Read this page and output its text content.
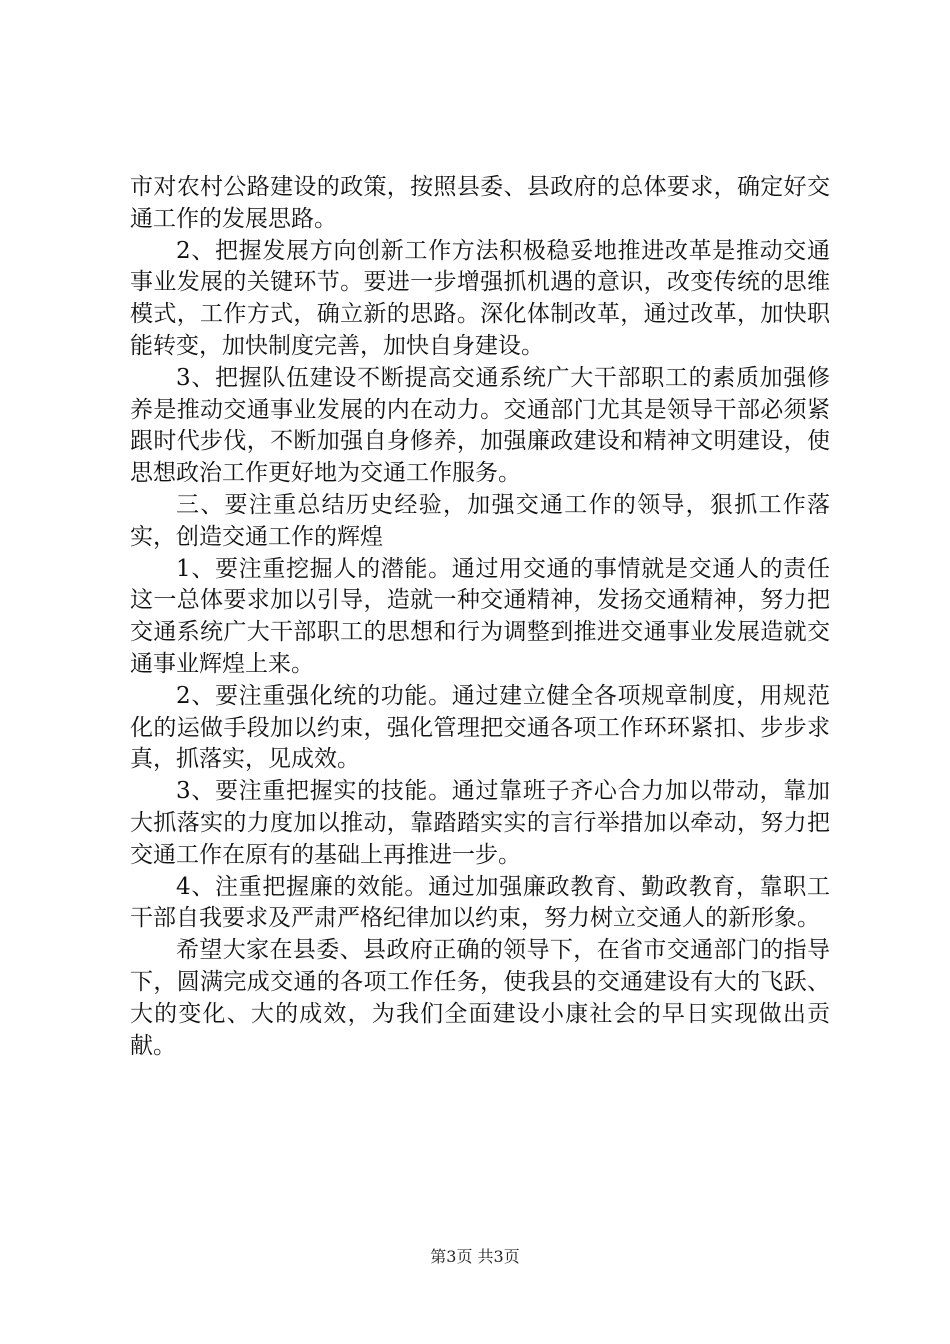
市对农村公路建设的政策，按照县委、县政府的总体要求，确定好交通工作的发展思路。

2、把握发展方向创新工作方法积极稳妥地推进改革是推动交通事业发展的关键环节。要进一步增强抓机遇的意识，改变传统的思维模式，工作方式，确立新的思路。深化体制改革，通过改革，加快职能转变，加快制度完善，加快自身建设。

3、把握队伍建设不断提高交通系统广大干部职工的素质加强修养是推动交通事业发展的内在动力。交通部门尤其是领导干部必须紧跟时代步伐，不断加强自身修养，加强廉政建设和精神文明建设，使思想政治工作更好地为交通工作服务。

三、要注重总结历史经验，加强交通工作的领导，狠抓工作落实，创造交通工作的辉煌

1、要注重挖掘人的潜能。通过用交通的事情就是交通人的责任这一总体要求加以引导，造就一种交通精神，发扬交通精神，努力把交通系统广大干部职工的思想和行为调整到推进交通事业发展造就交通事业辉煌上来。

2、要注重强化统的功能。通过建立健全各项规章制度，用规范化的运做手段加以约束，强化管理把交通各项工作环环紧扣、步步求真，抓落实，见成效。

3、要注重把握实的技能。通过靠班子齐心合力加以带动，靠加大抓落实的力度加以推动，靠踏踏实实的言行举措加以牵动，努力把交通工作在原有的基础上再推进一步。

4、注重把握廉的效能。通过加强廉政教育、勤政教育，靠职工干部自我要求及严肃严格纪律加以约束，努力树立交通人的新形象。

希望大家在县委、县政府正确的领导下，在省市交通部门的指导下，圆满完成交通的各项工作任务，使我县的交通建设有大的飞跃、大的变化、大的成效，为我们全面建设小康社会的早日实现做出贡献。

第3页 共3页
